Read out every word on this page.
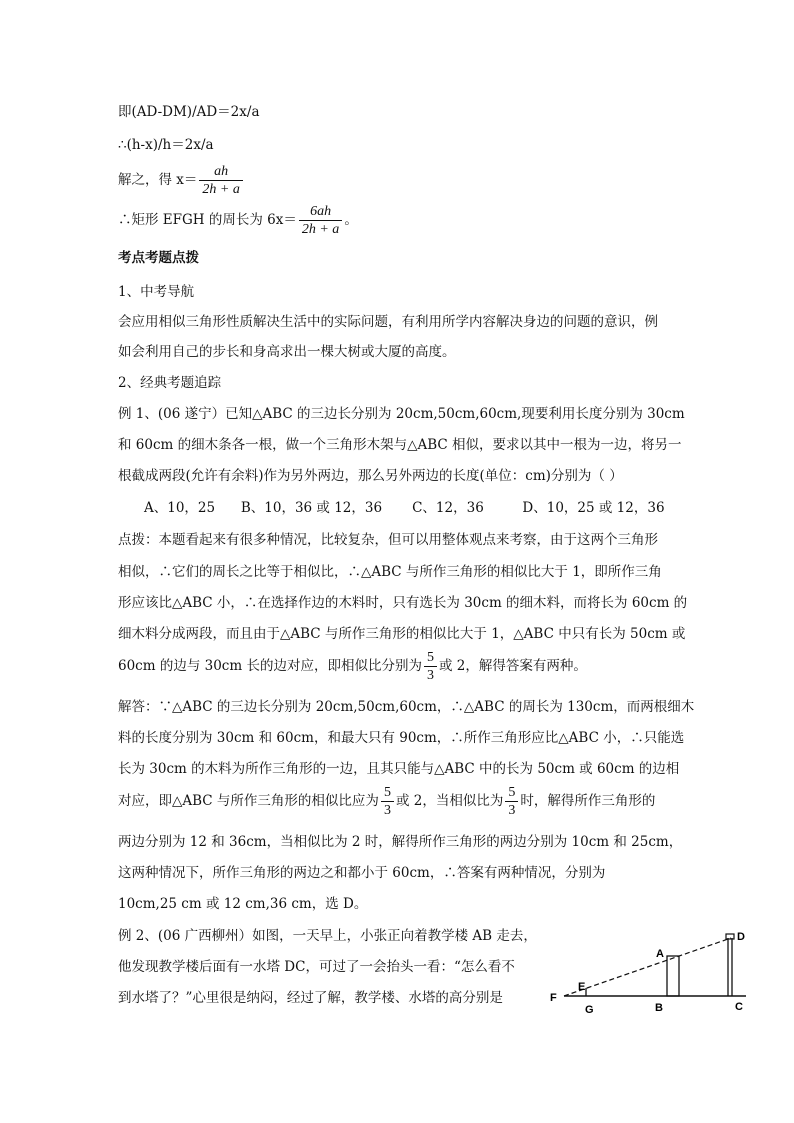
即(AD-DM)/AD＝2x/a
∴(h-x)/h＝2x/a
解之，得 $x= \frac{ah}{2h + a}$
∴矩形 EFGH 的周长为 $6x= \frac{6ah}{2h + a}$ 。
考点考题点拨
1、中考导航
会应用相似三角形性质解决生活中的实际问题，有利用所学内容解决身边的问题的意识，例
如会利用自己的步长和身高求出一棵大树或大厦的高度。
2、经典考题追踪
例 1、(06 遂宁）已知△ABC 的三边长分别为 20cm,50cm,60cm,现要利用长度分别为 30cm
和 60cm 的细木条各一根，做一个三角形木架与△ABC 相似，要求以其中一根为一边，将另一
根截成两段(允许有余料)作为另外两边，那么另外两边的长度(单位：cm)分别为（ ）
A、10，25      B、10，36 或 12，36       C、12，36         D、10，25 或 12，36
点拨：本题看起来有很多种情况，比较复杂，但可以用整体观点来考察，由于这两个三角形
相似，∴它们的周长之比等于相似比，∴△ABC 与所作三角形的相似比大于 1，即所作三角
形应该比△ABC 小，∴在选择作边的木料时，只有选长为 30cm 的细木料，而将长为 60cm 的
细木料分成两段，而且由于△ABC 与所作三角形的相似比大于 1，△ABC 中只有长为 50cm 或
60cm 的边与 30cm 长的边对应，即相似比分别为 $\frac{5}{3}$ 或 2，解得答案有两种。
解答：∵△ABC 的三边长分别为 20cm,50cm,60cm，∴△ABC 的周长为 130cm，而两根细木
料的长度分别为 30cm 和 60cm，和最大只有 90cm，∴所作三角形应比△ABC 小，∴只能选
长为 30cm 的木料为所作三角形的一边，且其只能与△ABC 中的长为 50cm 或 60cm 的边相
对应，即△ABC 与所作三角形的相似比应为 $\frac{5}{3}$ 或 2，当相似比为 $\frac{5}{3}$ 时，解得所作三角形的
两边分别为 12 和 36cm，当相似比为 2 时，解得所作三角形的两边分别为 10cm 和 25cm，
这两种情况下，所作三角形的两边之和都小于 60cm，∴答案有两种情况，分别为
10cm,25 cm 或 12 cm,36 cm，选 D。
例 2、(06 广西柳州）如图，一天早上，小张正向着教学楼 AB 走去，
他发现教学楼后面有一水塔 DC，可过了一会抬头一看：“怎么看不
到水塔了？”心里很是纳闷，经过了解，教学楼、水塔的高分别是
A
B	C
D
E
F
G
